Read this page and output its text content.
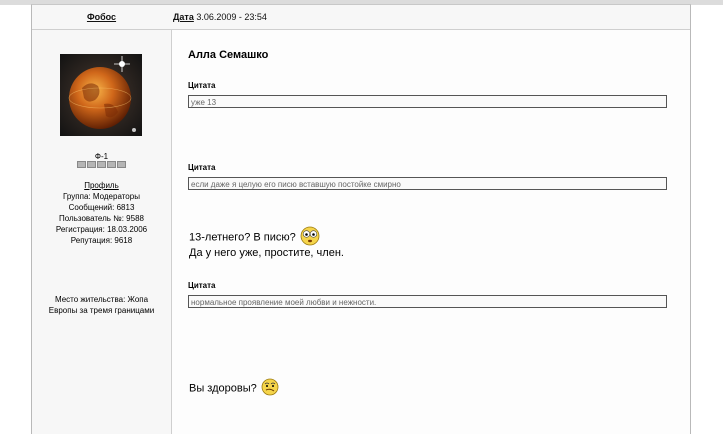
Фобос	Дата 3.06.2009 - 23:54
Ф-1
Профиль
Группа: Модераторы
Сообщений: 6813
Пользователь №: 9588
Регистрация: 18.03.2006
Репутация: 9618
Место жительства: Жопа Европы за тремя границами
Алла Семашко
Цитата
уже 13
Цитата
если даже я целую его писю вставшую постойке смирно
13-летнего? В писю?
Да у него уже, простите, член.
Цитата
нормальное проявление моей любви и нежности.
Вы здоровы?
